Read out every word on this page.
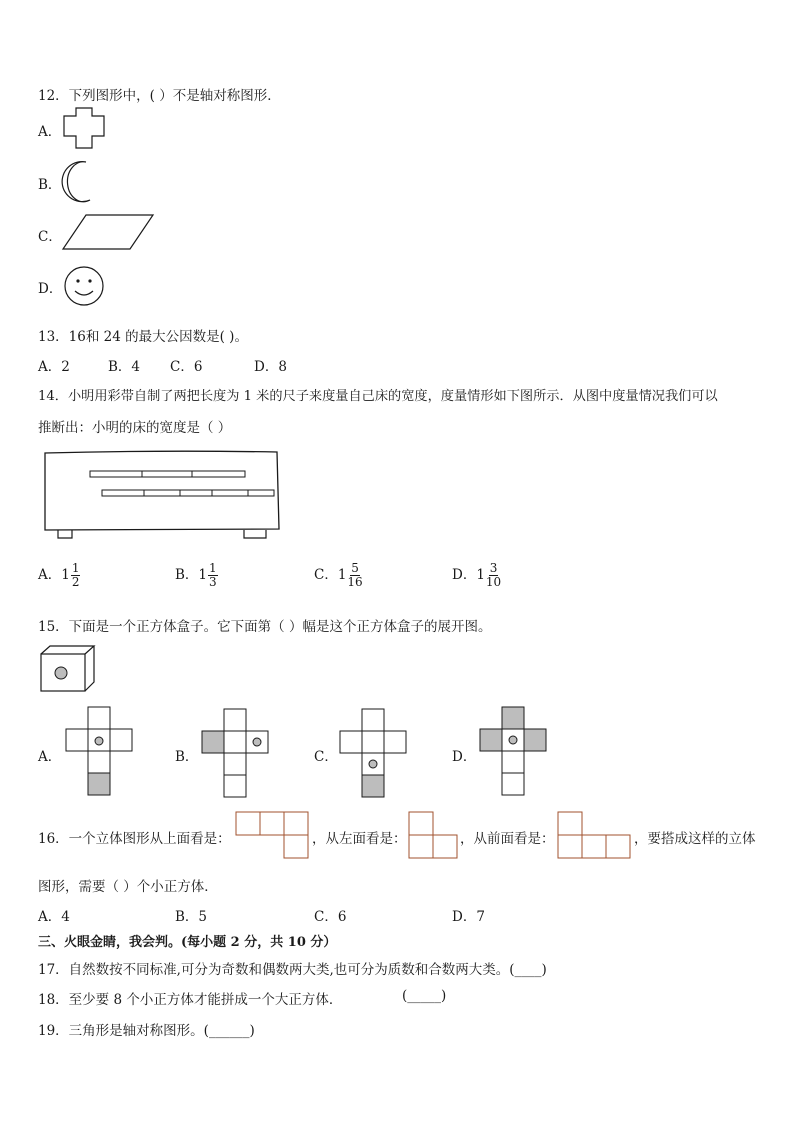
12．下列图形中，( ）不是轴对称图形．
A．
B．
C．
D．
13．16和 24 的最大公因数是( )。
A．2	B．4 C．6	D．8
14．小明用彩带自制了两把长度为 1 米的尺子来度量自己床的宽度，度量情形如下图所示．从图中度量情况我们可以
推断出：小明的床的宽度是（ ）
A．$1 \frac{1}{2}$	B．$1 \frac{1}{3}$	C．$1 \frac{5}{16}$	D．$1 \frac{3}{10}$
15．下面是一个正方体盒子。它下面第（ ）幅是这个正方体盒子的展开图。
A．	B．	C．	D．
16．一个立体图形从上面看是：	，从左面看是：	，从前面看是：	，要搭成这样的立体
图形，需要（ ）个小正方体．
A．4	B．5	C．6	D．7
三、火眼金睛，我会判。(每小题 2 分，共 10 分）
17．自然数按不同标准,可分为奇数和偶数两大类,也可分为质数和合数两大类。(____)
18．至少要 8 个小正方体才能拼成一个大正方体．	(_____)
19．三角形是轴对称图形。(______)
